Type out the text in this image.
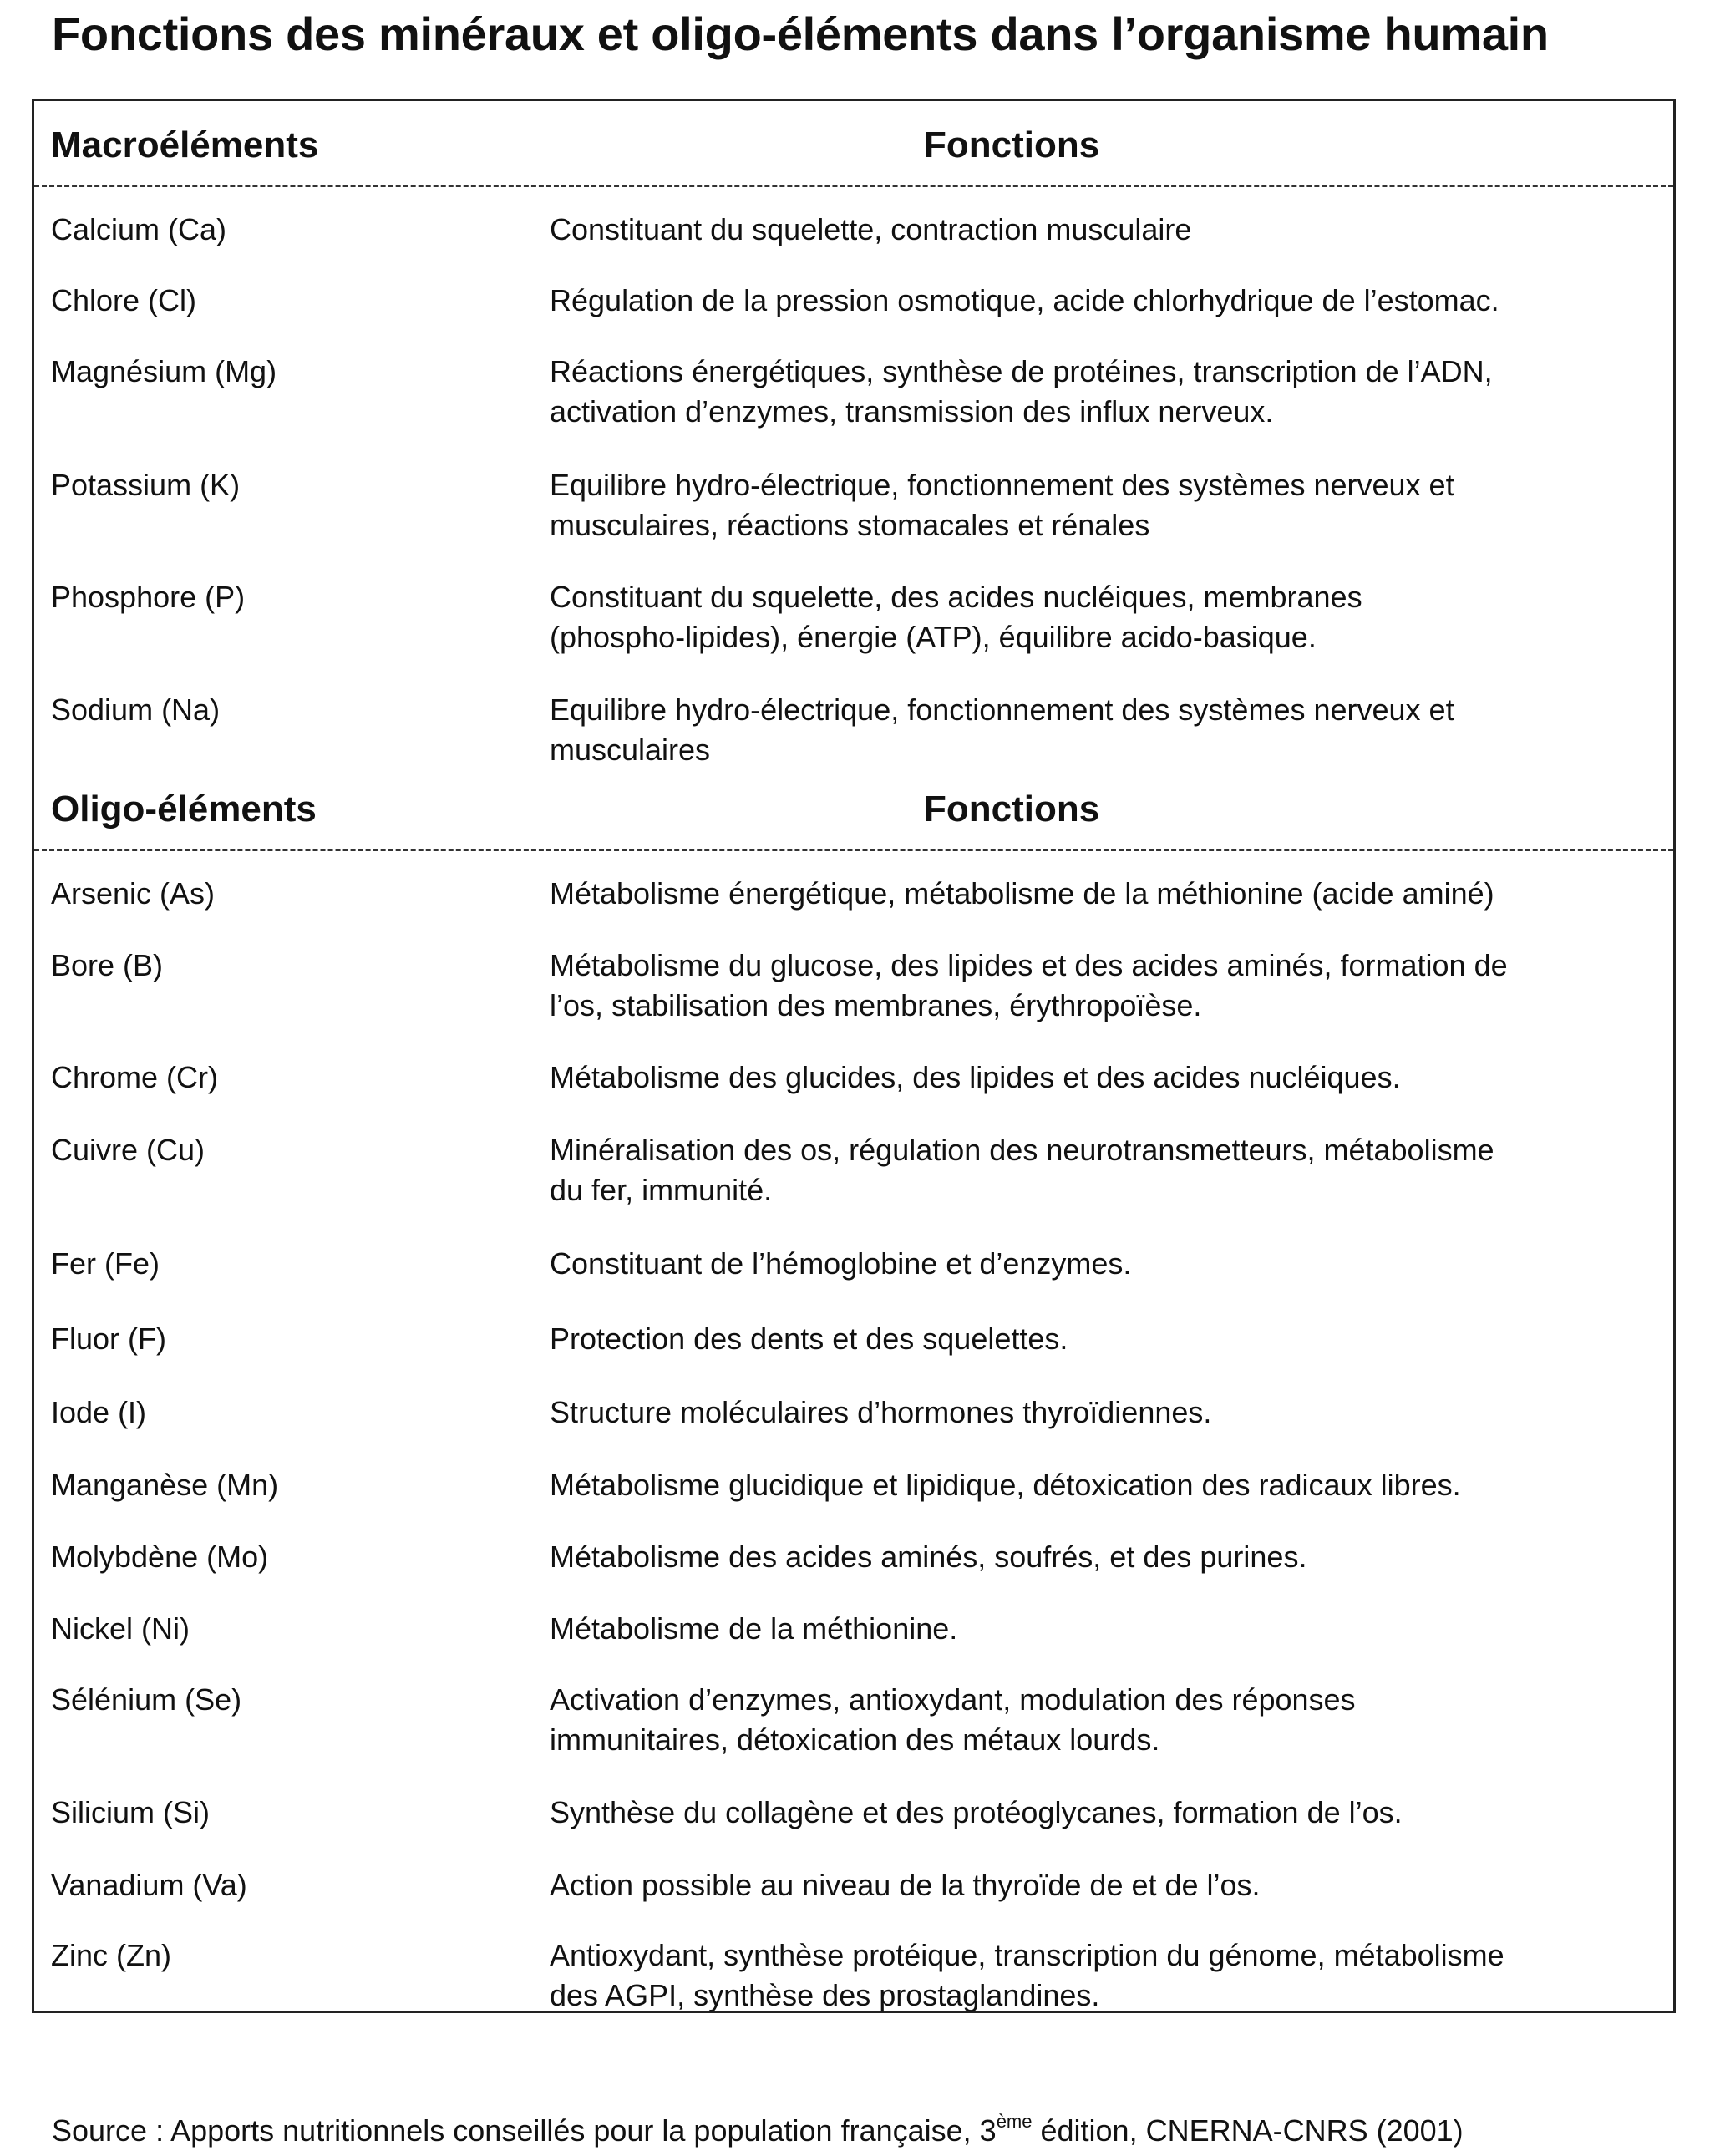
Fonctions des minéraux et oligo-éléments dans l’organisme humain
Macroéléments	Fonctions
Calcium (Ca)	Constituant du squelette, contraction musculaire
Chlore (Cl)	Régulation de la pression osmotique, acide chlorhydrique de l’estomac.
Magnésium (Mg)	Réactions énergétiques, synthèse de protéines, transcription de l’ADN,
activation d’enzymes, transmission des influx nerveux.
Potassium (K)	Equilibre hydro-électrique, fonctionnement des systèmes nerveux et
musculaires, réactions stomacales et rénales
Phosphore (P)	Constituant du squelette, des acides nucléiques, membranes
(phospho-lipides), énergie (ATP), équilibre acido-basique.
Sodium (Na)	Equilibre hydro-électrique, fonctionnement des systèmes nerveux et
musculaires
Oligo-éléments	Fonctions
Arsenic (As)	Métabolisme énergétique, métabolisme de la méthionine (acide aminé)
Bore (B)	Métabolisme du glucose, des lipides et des acides aminés, formation de
l’os, stabilisation des membranes, érythropoïèse.
Chrome (Cr)	Métabolisme des glucides, des lipides et des acides nucléiques.
Cuivre (Cu)	Minéralisation des os, régulation des neurotransmetteurs, métabolisme
du fer, immunité.
Fer (Fe)	Constituant de l’hémoglobine et d’enzymes.
Fluor (F)	Protection des dents et des squelettes.
Iode (I)	Structure moléculaires d’hormones thyroïdiennes.
Manganèse (Mn)	Métabolisme glucidique et lipidique, détoxication des radicaux libres.
Molybdène (Mo)	Métabolisme des acides aminés, soufrés, et des purines.
Nickel (Ni)	Métabolisme de la méthionine.
Sélénium (Se)	Activation d’enzymes, antioxydant, modulation des réponses
immunitaires, détoxication des métaux lourds.
Silicium (Si)	Synthèse du collagène et des protéoglycanes, formation de l’os.
Vanadium (Va)	Action possible au niveau de la thyroïde de et de l’os.
Zinc (Zn)	Antioxydant, synthèse protéique, transcription du génome, métabolisme
des AGPI, synthèse des prostaglandines.
Source : Apports nutritionnels conseillés pour la population française, 3ème édition, CNERNA-CNRS (2001)
